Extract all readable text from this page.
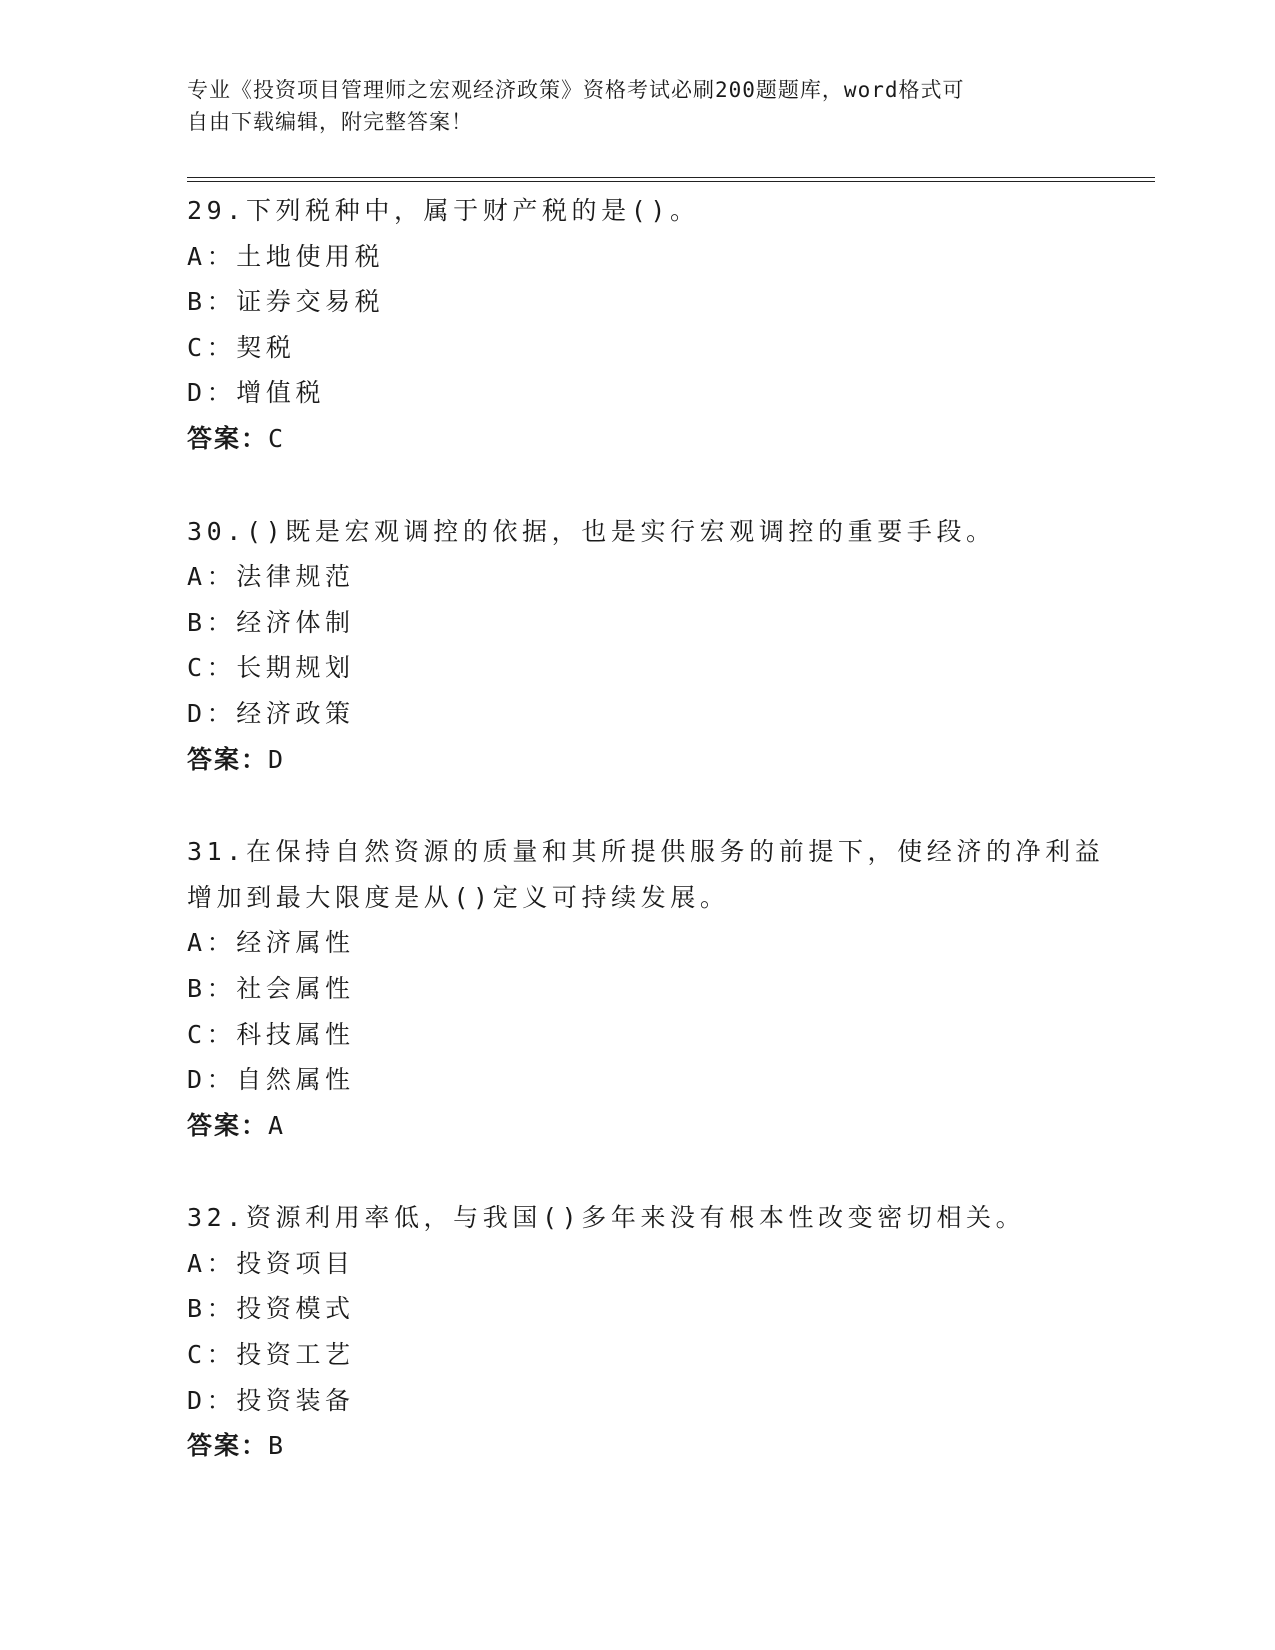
专业《投资项目管理师之宏观经济政策》资格考试必刷200题题库，word格式可
自由下载编辑，附完整答案！
29.下列税种中，属于财产税的是()。
A：土地使用税
B：证券交易税
C：契税
D：增值税
答案：C
30.()既是宏观调控的依据，也是实行宏观调控的重要手段。
A：法律规范
B：经济体制
C：长期规划
D：经济政策
答案：D
31.在保持自然资源的质量和其所提供服务的前提下，使经济的净利益
增加到最大限度是从()定义可持续发展。
A：经济属性
B：社会属性
C：科技属性
D：自然属性
答案：A
32.资源利用率低，与我国()多年来没有根本性改变密切相关。
A：投资项目
B：投资模式
C：投资工艺
D：投资装备
答案：B
